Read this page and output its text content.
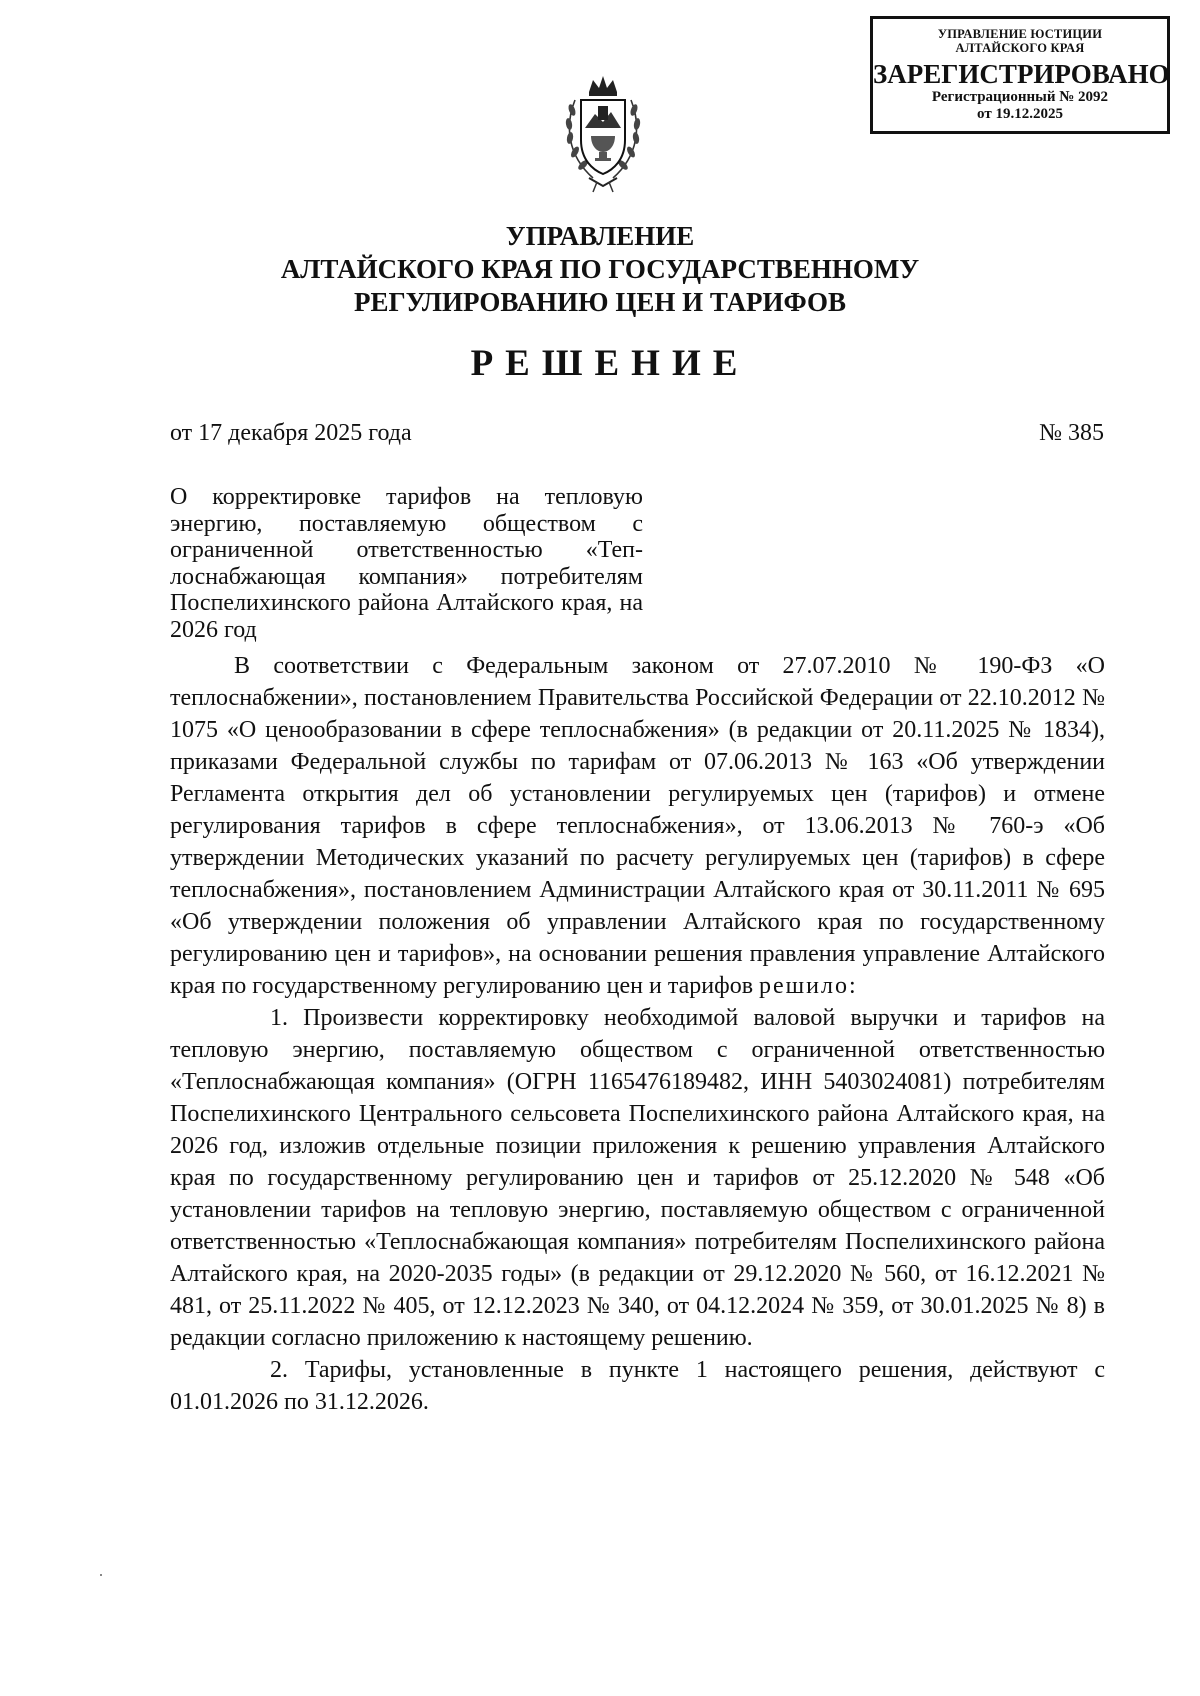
УПРАВЛЕНИЕ ЮСТИЦИИ
АЛТАЙСКОГО КРАЯ
ЗАРЕГИСТРИРОВАНО
Регистрационный № 2092
от 19.12.2025
УПРАВЛЕНИЕ
АЛТАЙСКОГО КРАЯ ПО ГОСУДАРСТВЕННОМУ
РЕГУЛИРОВАНИЮ ЦЕН И ТАРИФОВ
РЕШЕНИЕ
от 17 декабря 2025 года	№ 385
О корректировке тарифов на тепловую энергию, поставляемую обществом с ограниченной ответственностью «Теплоснабжающая компания» потребителям Поспелихинского района Алтайского края, на 2026 год

В соответствии с Федеральным законом от 27.07.2010 № 190-ФЗ «О теплоснабжении», постановлением Правительства Российской Федерации от 22.10.2012 № 1075 «О ценообразовании в сфере теплоснабжения» (в редакции от 20.11.2025 № 1834), приказами Федеральной службы по тарифам от 07.06.2013 № 163 «Об утверждении Регламента открытия дел об установлении регулируемых цен (тарифов) и отмене регулирования тарифов в сфере теплоснабжения», от 13.06.2013 № 760-э «Об утверждении Методических указаний по расчету регулируемых цен (тарифов) в сфере теплоснабжения», постановлением Администрации Алтайского края от 30.11.2011 № 695 «Об утверждении положения об управлении Алтайского края по государственному регулированию цен и тарифов», на основании решения правления управление Алтайского края по государственному регулированию цен и тарифов решило:

1. Произвести корректировку необходимой валовой выручки и тарифов на тепловую энергию, поставляемую обществом с ограниченной ответственностью «Теплоснабжающая компания» (ОГРН 1165476189482, ИНН 5403024081) потребителям Поспелихинского Центрального сельсовета Поспелихинского района Алтайского края, на 2026 год, изложив отдельные позиции приложения к решению управления Алтайского края по государственному регулированию цен и тарифов от 25.12.2020 № 548 «Об установлении тарифов на тепловую энергию, поставляемую обществом с ограниченной ответственностью «Теплоснабжающая компания» потребителям Поспелихинского района Алтайского края, на 2020-2035 годы» (в редакции от 29.12.2020 № 560, от 16.12.2021 № 481, от 25.11.2022 № 405, от 12.12.2023 № 340, от 04.12.2024 № 359, от 30.01.2025 № 8) в редакции согласно приложению к настоящему решению.

2. Тарифы, установленные в пункте 1 настоящего решения, действуют с 01.01.2026 по 31.12.2026.
